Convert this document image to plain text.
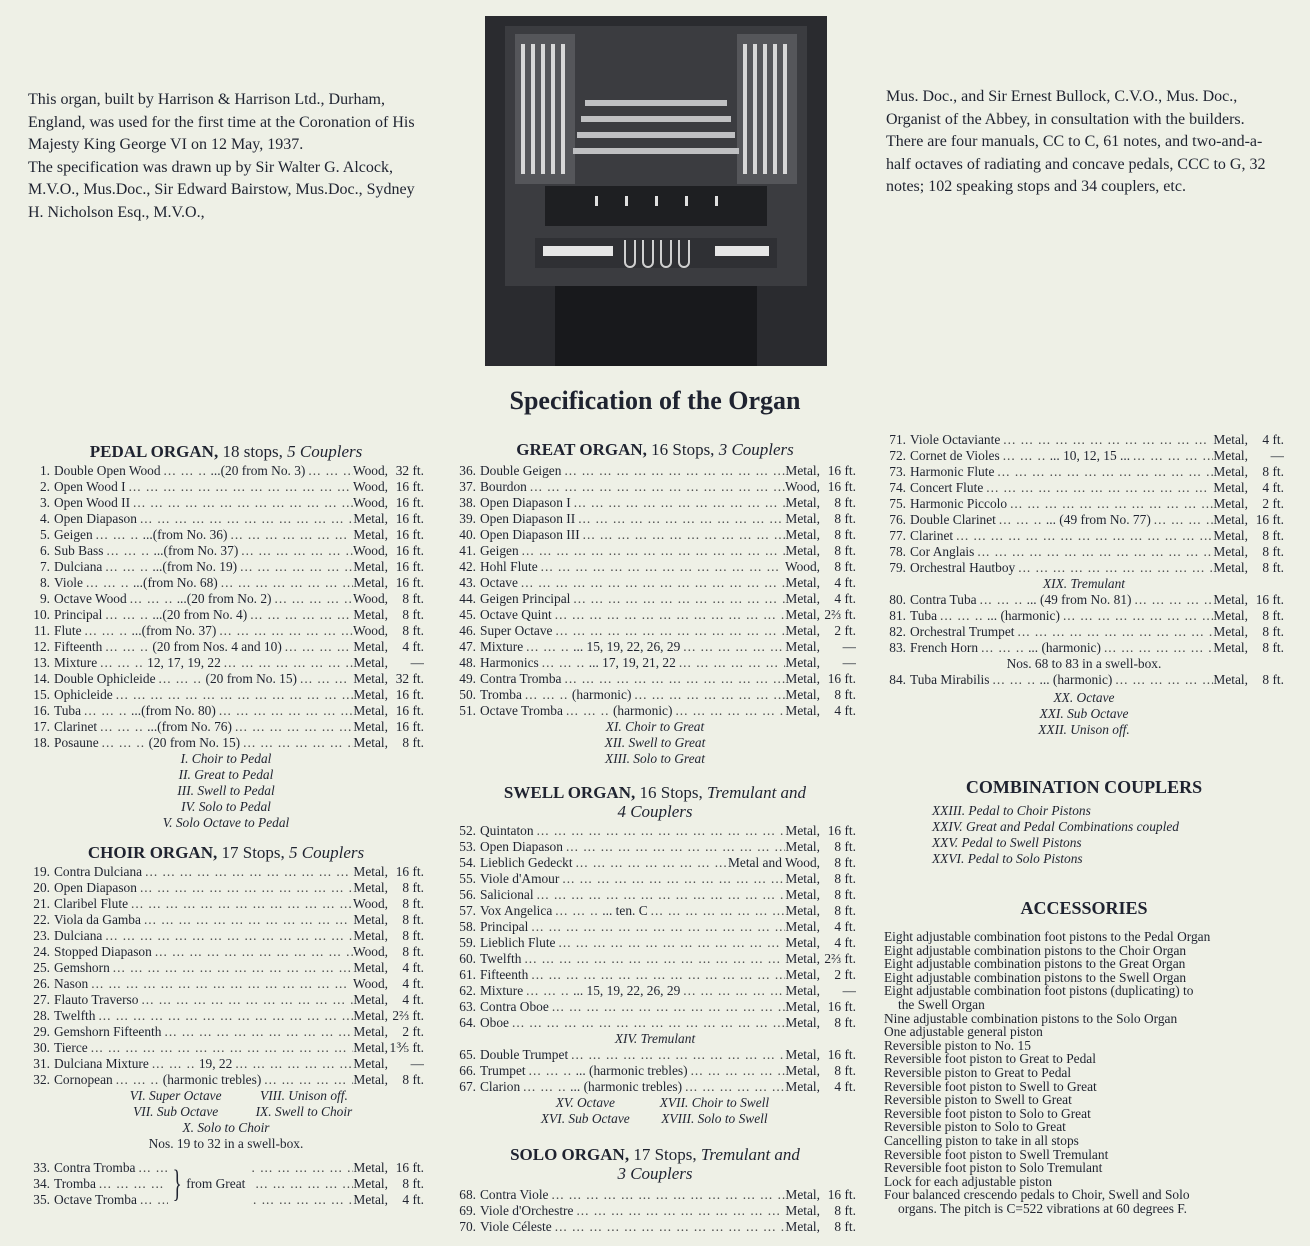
This organ, built by Harrison & Harrison Ltd., Durham, England, was used for the first time at the Coronation of His Majesty King George VI on 12 May, 1937.

The specification was drawn up by Sir Walter G. Alcock, M.V.O., Mus.Doc., Sir Edward Bairstow, Mus.Doc., Sydney H. Nicholson Esq., M.V.O.,

Mus. Doc., and Sir Ernest Bullock, C.V.O., Mus. Doc., Organist of the Abbey, in consultation with the builders.

There are four manuals, CC to C, 61 notes, and two-and-a-half octaves of radiating and concave pedals, CCC to G, 32 notes; 102 speaking stops and 34 couplers, etc.

Specification of the Organ
PEDAL ORGAN, 18 stops, 5 Couplers
1. Double Open Wood ... .	...(20 from No. 3) ... .	Wood, 32 ft.
2. Open Wood I ... .	Wood, 16 ft.
3. Open Wood II ... .	Wood, 16 ft.
4. Open Diapason ... .	Metal, 16 ft.
5. Geigen ... .	...(from No. 36) ... .	Metal, 16 ft.
6. Sub Bass ... .	...(from No. 37) ... .	Wood, 16 ft.
7. Dulciana ... .	...(from No. 19) ... .	Metal, 16 ft.
8. Viole ... .	...(from No. 68) ... .	Metal, 16 ft.
9. Octave Wood ... .	...(20 from No. 2) ... .	Wood,	8 ft.
10. Principal ... .	...(20 from No. 4) ... .	Metal,	8 ft.
11. Flute ... .	...(from No. 37) ... .	Wood,	8 ft.
12. Fifteenth ... .	(20 from Nos. 4 and 10) ... .	Metal,	4 ft.
13. Mixture ... .	12, 17, 19, 22 ... .	Metal,	—
14. Double Ophicleide ... .	(20 from No. 15) ... .	Metal, 32 ft.
15. Ophicleide ... .	Metal, 16 ft.
16. Tuba ... .	...(from No. 80) ... .	Metal, 16 ft.
17. Clarinet ... .	...(from No. 76) ... .	Metal, 16 ft.
18. Posaune ... .	(20 from No. 15) ... .	Metal,	8 ft.
I. Choir to Pedal
II. Great to Pedal
III. Swell to Pedal
IV. Solo to Pedal
V. Solo Octave to Pedal
CHOIR ORGAN, 17 Stops, 5 Couplers
19. Contra Dulciana ... .	Metal, 16 ft.
20. Open Diapason ... .	Metal,	8 ft.
21. Claribel Flute ... .	Wood,	8 ft.
22. Viola da Gamba ... .	Metal,	8 ft.
23. Dulciana ... .	Metal,	8 ft.
24. Stopped Diapason ... .	Wood,	8 ft.
25. Gemshorn ... .	Metal,	4 ft.
26. Nason ... .	Wood,	4 ft.
27. Flauto Traverso ... .	Metal,	4 ft.
28. Twelfth ... .	Metal, 2⅔ ft.
29. Gemshorn Fifteenth ... .	Metal,	2 ft.
30. Tierce ... .	Metal, 1⅗ ft.
31. Dulciana Mixture ... .	19, 22 ... .	Metal,	—
32. Cornopean ... .	(harmonic trebles) ... .	Metal,	8 ft.
VI. Super Octave
VII. Sub Octave
VIII. Unison off.
IX. Swell to Choir
X. Solo to Choir
Nos. 19 to 32 in a swell-box.
33. Contra Tromba ... .	Metal, 16 ft.
34. Tromba ... .	Metal,	8 ft.
35. Octave Tromba ... .	Metal,	4 ft.
} from Great
GREAT ORGAN, 16 Stops, 3 Couplers
36. Double Geigen ... .	Metal, 16 ft.
37. Bourdon ... .	Wood, 16 ft.
38. Open Diapason I ... .	Metal,	8 ft.
39. Open Diapason II ... .	Metal,	8 ft.
40. Open Diapason III ... .	Metal,	8 ft.
41. Geigen ... .	Metal,	8 ft.
42. Hohl Flute ... .	Wood,	8 ft.
43. Octave ... .	Metal,	4 ft.
44. Geigen Principal ... .	Metal,	4 ft.
45. Octave Quint ... .	Metal, 2⅔ ft.
46. Super Octave ... .	Metal,	2 ft.
47. Mixture ... .	... 15, 19, 22, 26, 29 ... .	Metal,	—
48. Harmonics ... .	... 17, 19, 21, 22 ... .	Metal,	—
49. Contra Tromba ... .	Metal, 16 ft.
50. Tromba ... .	(harmonic) ... .	Metal,	8 ft.
51. Octave Tromba ... .	(harmonic) ... .	Metal,	4 ft.
XI. Choir to Great
XII. Swell to Great
XIII. Solo to Great
SWELL ORGAN, 16 Stops, Tremulant and
4 Couplers
52. Quintaton ... .	Metal, 16 ft.
53. Open Diapason ... .	Metal,	8 ft.
54. Lieblich Gedeckt ... .	Metal and Wood,	8 ft.
55. Viole d'Amour ... .	Metal,	8 ft.
56. Salicional ... .	Metal,	8 ft.
57. Vox Angelica ... .	... ten. C ... .	Metal,	8 ft.
58. Principal ... .	Metal,	4 ft.
59. Lieblich Flute ... .	Metal,	4 ft.
60. Twelfth ... .	Metal, 2⅔ ft.
61. Fifteenth ... .	Metal,	2 ft.
62. Mixture ... .	... 15, 19, 22, 26, 29 ... .	Metal,	—
63. Contra Oboe ... .	Metal, 16 ft.
64. Oboe ... .	Metal,	8 ft.
XIV. Tremulant
65. Double Trumpet ... .	Metal, 16 ft.
66. Trumpet ... .	... (harmonic trebles) ... .	Metal,	8 ft.
67. Clarion ... .	... (harmonic trebles) ... .	Metal,	4 ft.
XV. Octave
XVI. Sub Octave
XVII. Choir to Swell
XVIII. Solo to Swell
SOLO ORGAN, 17 Stops, Tremulant and
3 Couplers
68. Contra Viole ... .	Metal, 16 ft.
69. Viole d'Orchestre ... .	Metal,	8 ft.
70. Viole Céleste ... .	Metal,	8 ft.
71. Viole Octaviante ... .	Metal,	4 ft.
72. Cornet de Violes ... .	... 10, 12, 15 ... ... .	Metal,	—
73. Harmonic Flute ... .	Metal,	8 ft.
74. Concert Flute ... .	Metal,	4 ft.
75. Harmonic Piccolo ... .	Metal,	2 ft.
76. Double Clarinet ... .	... (49 from No. 77) ... .	Metal, 16 ft.
77. Clarinet ... .	Metal,	8 ft.
78. Cor Anglais ... .	Metal,	8 ft.
79. Orchestral Hautboy ... .	Metal,	8 ft.
XIX. Tremulant
80. Contra Tuba ... .	... (49 from No. 81) ... .	Metal, 16 ft.
81. Tuba ... .	... (harmonic) ... .	Metal,	8 ft.
82. Orchestral Trumpet ... .	Metal,	8 ft.
83. French Horn ... .	... (harmonic) ... .	Metal,	8 ft.
Nos. 68 to 83 in a swell-box.
84. Tuba Mirabilis ... .	... (harmonic) ... .	Metal,	8 ft.
XX. Octave
XXI. Sub Octave
XXII. Unison off.
COMBINATION COUPLERS
XXIII. Pedal to Choir Pistons
XXIV. Great and Pedal Combinations coupled
XXV. Pedal to Swell Pistons
XXVI. Pedal to Solo Pistons
ACCESSORIES
Eight adjustable combination foot pistons to the Pedal Organ
Eight adjustable combination pistons to the Choir Organ
Eight adjustable combination pistons to the Great Organ
Eight adjustable combination pistons to the Swell Organ
Eight adjustable combination foot pistons (duplicating) to
the Swell Organ
Nine adjustable combination pistons to the Solo Organ
One adjustable general piston
Reversible piston to No. 15
Reversible foot piston to Great to Pedal
Reversible piston to Great to Pedal
Reversible foot piston to Swell to Great
Reversible piston to Swell to Great
Reversible foot piston to Solo to Great
Reversible piston to Solo to Great
Cancelling piston to take in all stops
Reversible foot piston to Swell Tremulant
Reversible foot piston to Solo Tremulant
Lock for each adjustable piston
Four balanced crescendo pedals to Choir, Swell and Solo
organs. The pitch is C=522 vibrations at 60 degrees F.
